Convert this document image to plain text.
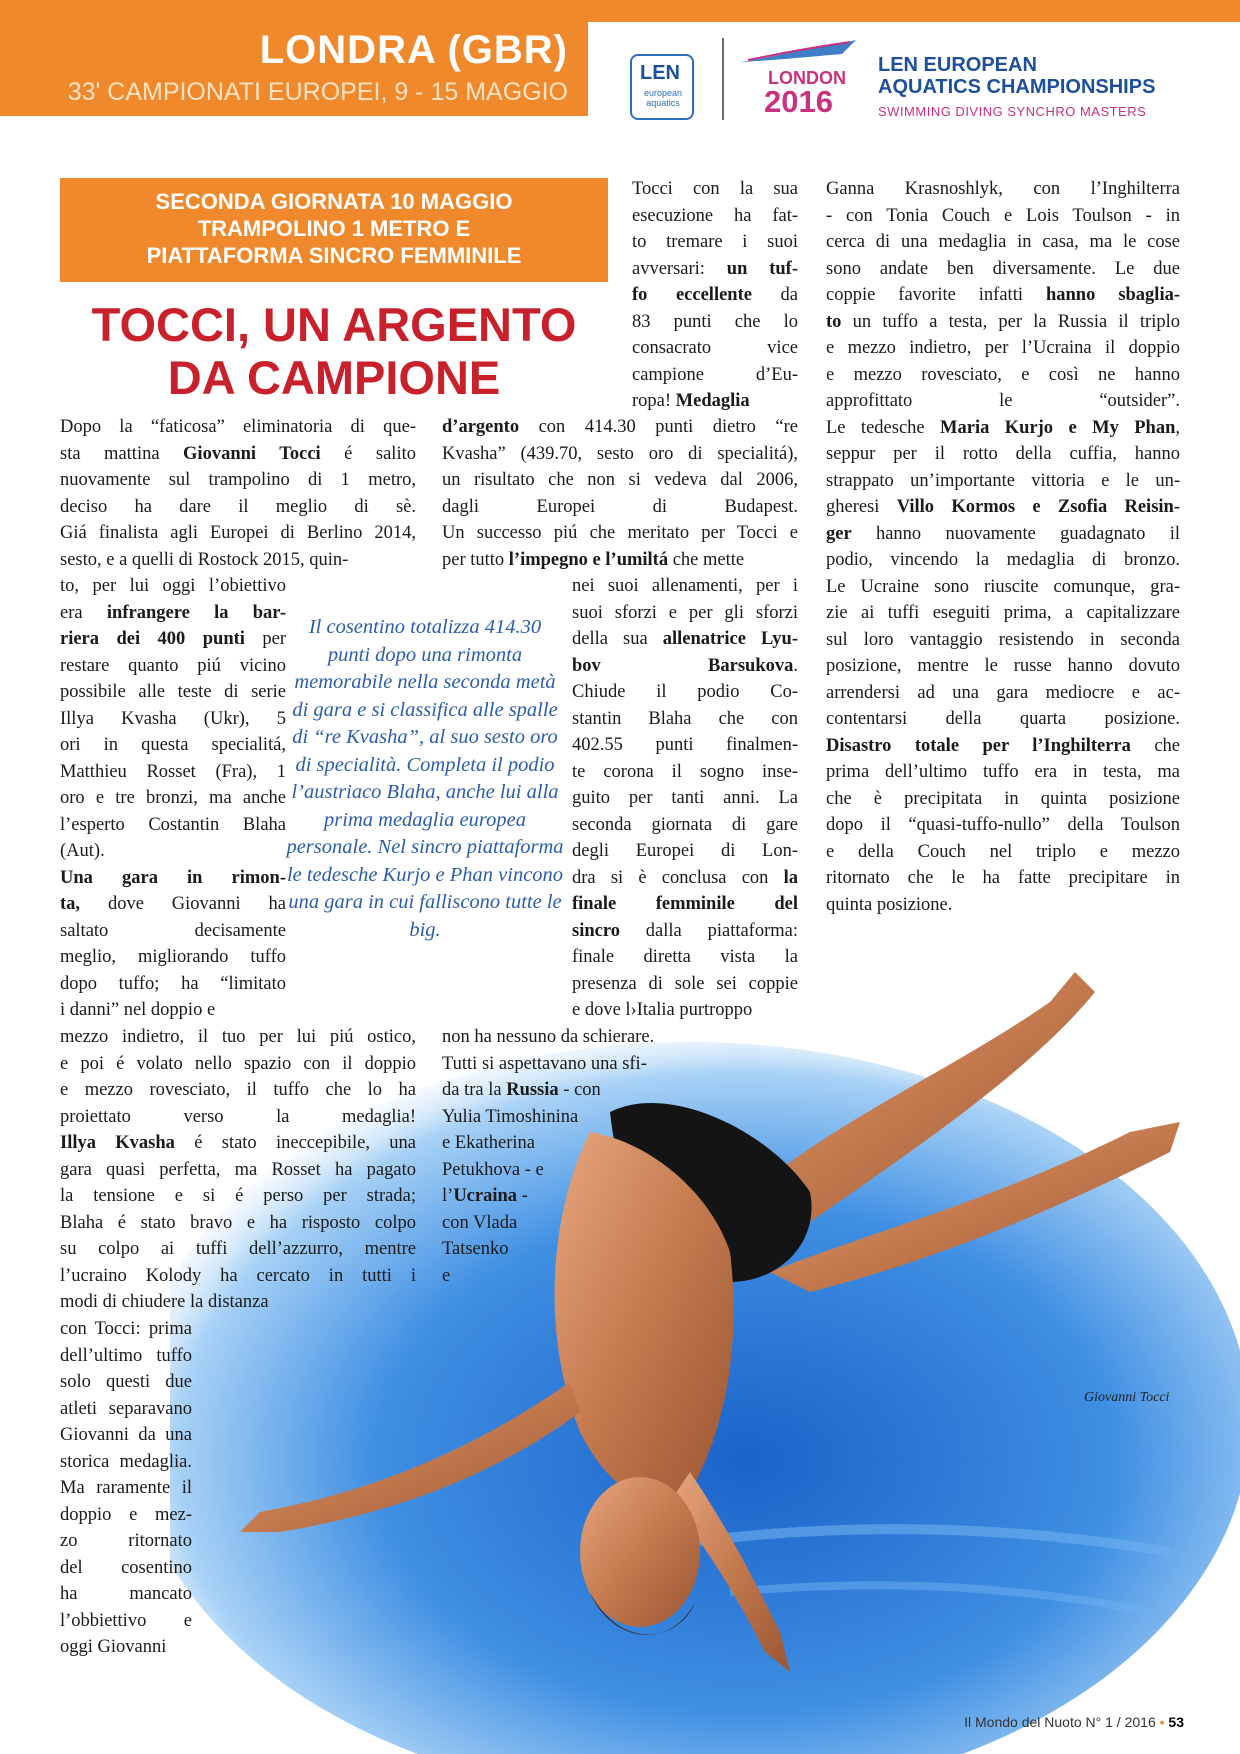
LONDRA (GBR)
33' CAMPIONATI EUROPEI, 9 - 15 MAGGIO
LEN
european aquatics
LONDON
2016
LEN EUROPEAN
AQUATICS CHAMPIONSHIPS
SWIMMING DIVING SYNCHRO MASTERS
SECONDA GIORNATA 10 MAGGIO
TRAMPOLINO 1 METRO E
PIATTAFORMA SINCRO FEMMINILE
TOCCI, UN ARGENTO
DA CAMPIONE
Giovanni Tocci
Il cosentino totalizza 414.30 punti dopo una rimonta memorabile nella seconda metà di gara e si classifica alle spalle di “re Kvasha”, al suo sesto oro di specialità. Completa il podio l’austriaco Blaha, anche lui alla prima medaglia europea personale. Nel sincro piattaforma le tedesche Kurjo e Phan vincono una gara in cui falliscono tutte le big.
Dopo la “faticosa” eliminatoria di que-
sta mattina Giovanni Tocci é salito
nuovamente sul trampolino di 1 metro,
deciso ha dare il meglio di sè.
Giá finalista agli Europei di Berlino 2014,
sesto, e a quelli di Rostock 2015, quin-
to, per lui oggi l’obiettivo
era infrangere la bar-
riera dei 400 punti per
restare quanto piú vicino
possibile alle teste di serie
Illya Kvasha (Ukr), 5
ori in questa specialitá,
Matthieu Rosset (Fra), 1
oro e tre bronzi, ma anche
l’esperto Costantin Blaha
(Aut).
Una gara in rimon-
ta, dove Giovanni ha
saltato decisamente
meglio, migliorando tuffo
dopo tuffo; ha “limitato
i danni” nel doppio e
mezzo indietro, il tuo per lui piú ostico,
e poi é volato nello spazio con il doppio
e mezzo rovesciato, il tuffo che lo ha
proiettato verso la medaglia!
Illya Kvasha é stato ineccepibile, una
gara quasi perfetta, ma Rosset ha pagato
la tensione e si é perso per strada;
Blaha é stato bravo e ha risposto colpo
su colpo ai tuffi dell’azzurro, mentre
l’ucraino Kolody ha cercato in tutti i
modi di chiudere la distanza
con Tocci: prima
dell’ultimo tuffo
solo questi due
atleti separavano
Giovanni da una
storica medaglia.
Ma raramente il
doppio e mez-
zo ritornato
del cosentino
ha mancato
l’obbiettivo e
oggi Giovanni
Tocci con la sua
esecuzione ha fat-
to tremare i suoi
avversari: un tuf-
fo eccellente da
83 punti che lo
consacrato vice
campione d’Eu-
ropa! Medaglia
d’argento con 414.30 punti dietro “re
Kvasha” (439.70, sesto oro di specialitá),
un risultato che non si vedeva dal 2006,
dagli Europei di Budapest.
Un successo piú che meritato per Tocci e
per tutto l’impegno e l’umiltá che mette
nei suoi allenamenti, per i
suoi sforzi e per gli sforzi
della sua allenatrice Lyu-
bov Barsukova.
Chiude il podio Co-
stantin Blaha che con
402.55 punti finalmen-
te corona il sogno inse-
guito per tanti anni. La
seconda giornata di gare
degli Europei di Lon-
dra si è conclusa con la
finale femminile del
sincro dalla piattaforma:
finale diretta vista la
presenza di sole sei coppie
e dove l›Italia purtroppo
non ha nessuno da schierare.
Tutti si aspettavano una sfi-
da tra la Russia - con
Yulia Timoshinina
e Ekatherina
Petukhova - e
l’Ucraina -
con Vlada
Tatsenko
e
Ganna Krasnoshlyk, con l’Inghilterra
- con Tonia Couch e Lois Toulson - in
cerca di una medaglia in casa, ma le cose
sono andate ben diversamente. Le due
coppie favorite infatti hanno sbaglia-
to un tuffo a testa, per la Russia il triplo
e mezzo indietro, per l’Ucraina il doppio
e mezzo rovesciato, e così ne hanno
approfittato le “outsider”.
Le tedesche Maria Kurjo e My Phan,
seppur per il rotto della cuffia, hanno
strappato un’importante vittoria e le un-
gheresi Villo Kormos e Zsofia Reisin-
ger hanno nuovamente guadagnato il
podio, vincendo la medaglia di bronzo.
Le Ucraine sono riuscite comunque, gra-
zie ai tuffi eseguiti prima, a capitalizzare
sul loro vantaggio resistendo in seconda
posizione, mentre le russe hanno dovuto
arrendersi ad una gara mediocre e ac-
contentarsi della quarta posizione.
Disastro totale per l’Inghilterra che
prima dell’ultimo tuffo era in testa, ma
che è precipitata in quinta posizione
dopo il “quasi-tuffo-nullo” della Toulson
e della Couch nel triplo e mezzo
ritornato che le ha fatte precipitare in
quinta posizione.
Il Mondo del Nuoto N° 1 / 2016 • 53
